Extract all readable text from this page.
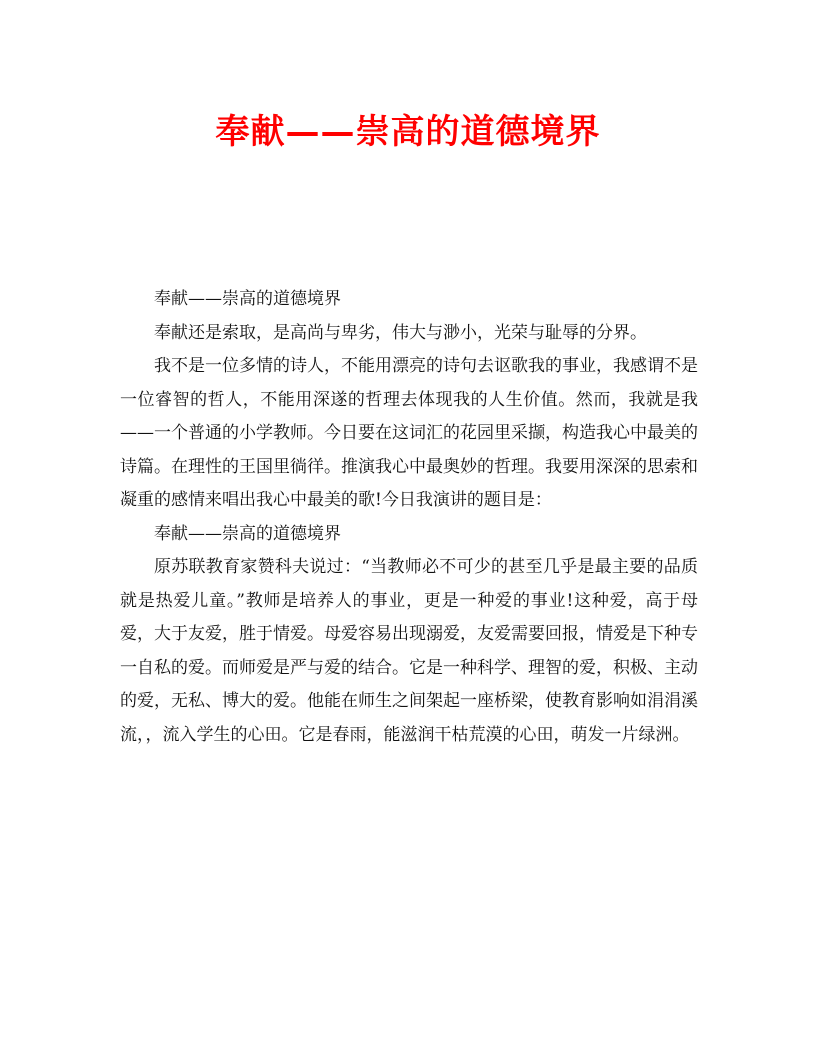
奉献——崇高的道德境界

奉献——崇高的道德境界

奉献还是索取，是高尚与卑劣，伟大与渺小，光荣与耻辱的分界。

我不是一位多情的诗人，不能用漂亮的诗句去讴歌我的事业，我感谓不是一位睿智的哲人，不能用深遂的哲理去体现我的人生价值。然而，我就是我——一个普通的小学教师。今日要在这词汇的花园里采撷，构造我心中最美的诗篇。在理性的王国里徜徉。推演我心中最奥妙的哲理。我要用深深的思索和凝重的感情来唱出我心中最美的歌!今日我演讲的题目是：

奉献——崇高的道德境界

原苏联教育家赞科夫说过：“当教师必不可少的甚至几乎是最主要的品质就是热爱儿童。”教师是培养人的事业，更是一种爱的事业!这种爱，高于母爱，大于友爱，胜于情爱。母爱容易出现溺爱，友爱需要回报，情爱是下种专一自私的爱。而师爱是严与爱的结合。它是一种科学、理智的爱，积极、主动的爱，无私、博大的爱。他能在师生之间架起一座桥梁，使教育影响如涓涓溪流，，流入学生的心田。它是春雨，能滋润干枯荒漠的心田，萌发一片绿洲。
